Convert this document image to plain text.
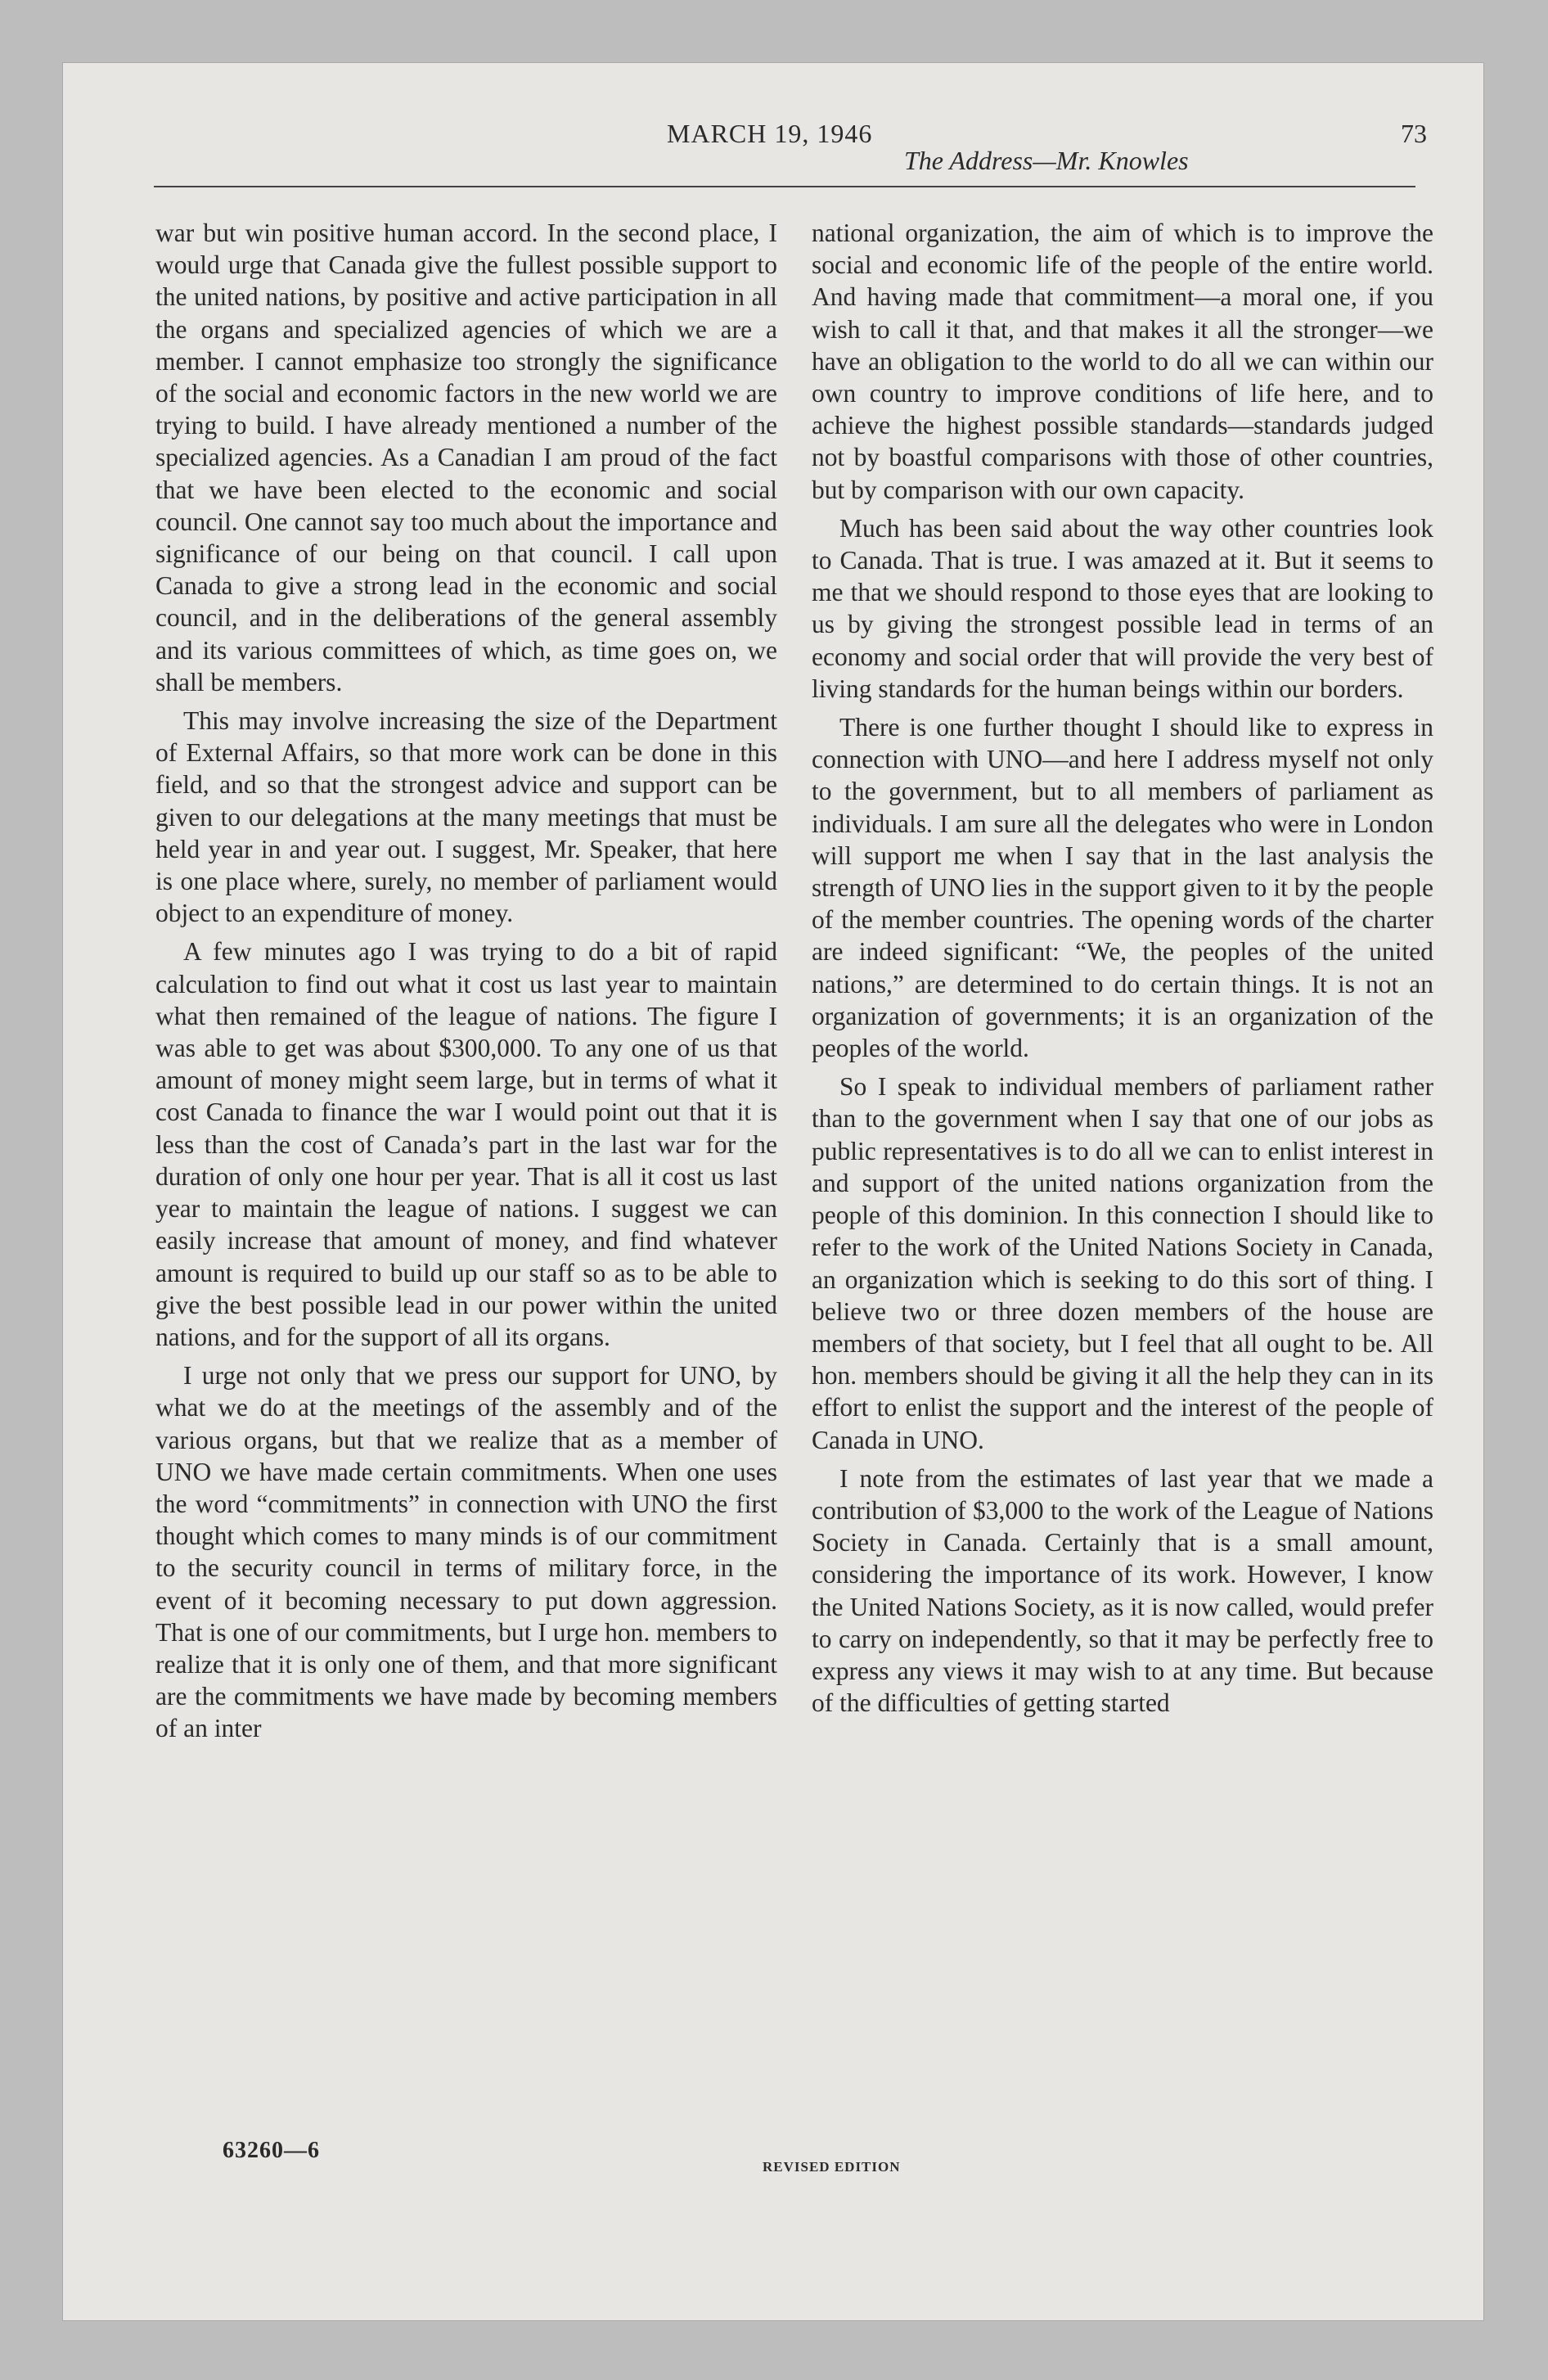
MARCH 19, 1946	73
The Address—Mr. Knowles

war but win positive human accord. In the second place, I would urge that Canada give the fullest possible support to the united nations, by positive and active participation in all the organs and specialized agencies of which we are a member. I cannot emphasize too strongly the significance of the social and economic factors in the new world we are trying to build. I have already mentioned a number of the specialized agencies. As a Canadian I am proud of the fact that we have been elected to the economic and social council. One cannot say too much about the importance and significance of our being on that council. I call upon Canada to give a strong lead in the economic and social council, and in the deliberations of the general assembly and its various committees of which, as time goes on, we shall be members.

This may involve increasing the size of the Department of External Affairs, so that more work can be done in this field, and so that the strongest advice and support can be given to our delegations at the many meetings that must be held year in and year out. I suggest, Mr. Speaker, that here is one place where, surely, no member of parliament would object to an expenditure of money.

A few minutes ago I was trying to do a bit of rapid calculation to find out what it cost us last year to maintain what then remained of the league of nations. The figure I was able to get was about $300,000. To any one of us that amount of money might seem large, but in terms of what it cost Canada to finance the war I would point out that it is less than the cost of Canada’s part in the last war for the duration of only one hour per year. That is all it cost us last year to maintain the league of nations. I suggest we can easily increase that amount of money, and find whatever amount is required to build up our staff so as to be able to give the best possible lead in our power within the united nations, and for the support of all its organs.

I urge not only that we press our support for UNO, by what we do at the meetings of the assembly and of the various organs, but that we realize that as a member of UNO we have made certain commitments. When one uses the word “commitments” in connection with UNO the first thought which comes to many minds is of our commitment to the security council in terms of military force, in the event of it becoming necessary to put down aggression. That is one of our commitments, but I urge hon. members to realize that it is only one of them, and that more significant are the commitments we have made by becoming members of an inter

national organization, the aim of which is to improve the social and economic life of the people of the entire world. And having made that commitment—a moral one, if you wish to call it that, and that makes it all the stronger—we have an obligation to the world to do all we can within our own country to improve conditions of life here, and to achieve the highest possible standards—standards judged not by boastful comparisons with those of other countries, but by comparison with our own capacity.

Much has been said about the way other countries look to Canada. That is true. I was amazed at it. But it seems to me that we should respond to those eyes that are looking to us by giving the strongest possible lead in terms of an economy and social order that will provide the very best of living standards for the human beings within our borders.

There is one further thought I should like to express in connection with UNO—and here I address myself not only to the government, but to all members of parliament as individuals. I am sure all the delegates who were in London will support me when I say that in the last analysis the strength of UNO lies in the support given to it by the people of the member countries. The opening words of the charter are indeed significant: “We, the peoples of the united nations,” are determined to do certain things. It is not an organization of governments; it is an organization of the peoples of the world.

So I speak to individual members of parliament rather than to the government when I say that one of our jobs as public representatives is to do all we can to enlist interest in and support of the united nations organization from the people of this dominion. In this connection I should like to refer to the work of the United Nations Society in Canada, an organization which is seeking to do this sort of thing. I believe two or three dozen members of the house are members of that society, but I feel that all ought to be. All hon. members should be giving it all the help they can in its effort to enlist the support and the interest of the people of Canada in UNO.

I note from the estimates of last year that we made a contribution of $3,000 to the work of the League of Nations Society in Canada. Certainly that is a small amount, considering the importance of its work. However, I know the United Nations Society, as it is now called, would prefer to carry on independently, so that it may be perfectly free to express any views it may wish to at any time. But because of the difficulties of getting started

63260—6
REVISED EDITION
